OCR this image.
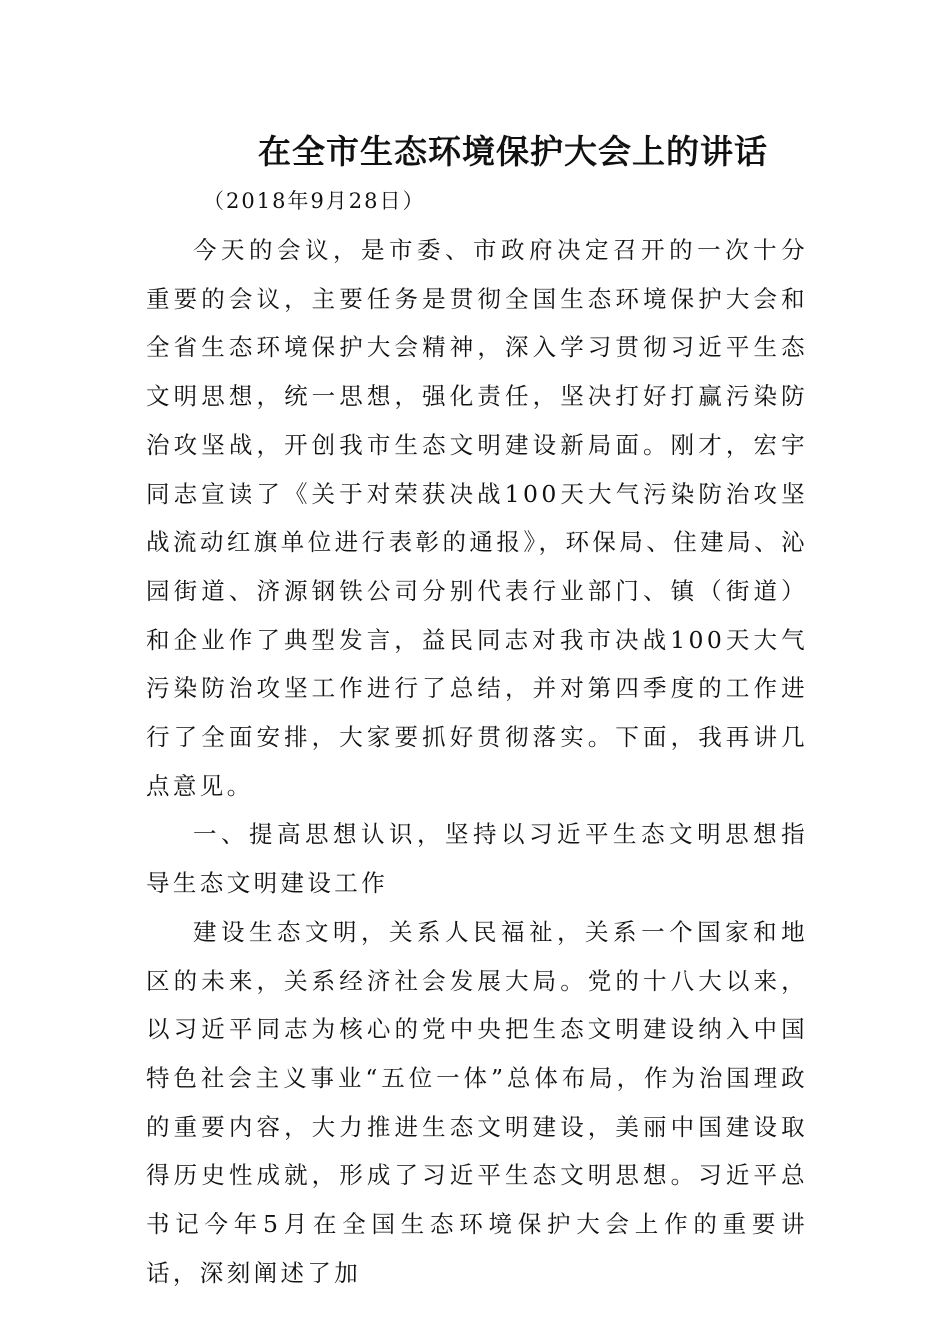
在全市生态环境保护大会上的讲话

（2018年9月28日）

今天的会议，是市委、市政府决定召开的一次十分重要的会议，主要任务是贯彻全国生态环境保护大会和全省生态环境保护大会精神，深入学习贯彻习近平生态文明思想，统一思想，强化责任，坚决打好打赢污染防治攻坚战，开创我市生态文明建设新局面。刚才，宏宇同志宣读了《关于对荣获决战100天大气污染防治攻坚战流动红旗单位进行表彰的通报》，环保局、住建局、沁园街道、济源钢铁公司分别代表行业部门、镇（街道）和企业作了典型发言，益民同志对我市决战100天大气污染防治攻坚工作进行了总结，并对第四季度的工作进行了全面安排，大家要抓好贯彻落实。下面，我再讲几点意见。

一、提高思想认识，坚持以习近平生态文明思想指导生态文明建设工作

建设生态文明，关系人民福祉，关系一个国家和地区的未来，关系经济社会发展大局。党的十八大以来，以习近平同志为核心的党中央把生态文明建设纳入中国特色社会主义事业“五位一体”总体布局，作为治国理政的重要内容，大力推进生态文明建设，美丽中国建设取得历史性成就，形成了习近平生态文明思想。习近平总书记今年5月在全国生态环境保护大会上作的重要讲话，深刻阐述了加
